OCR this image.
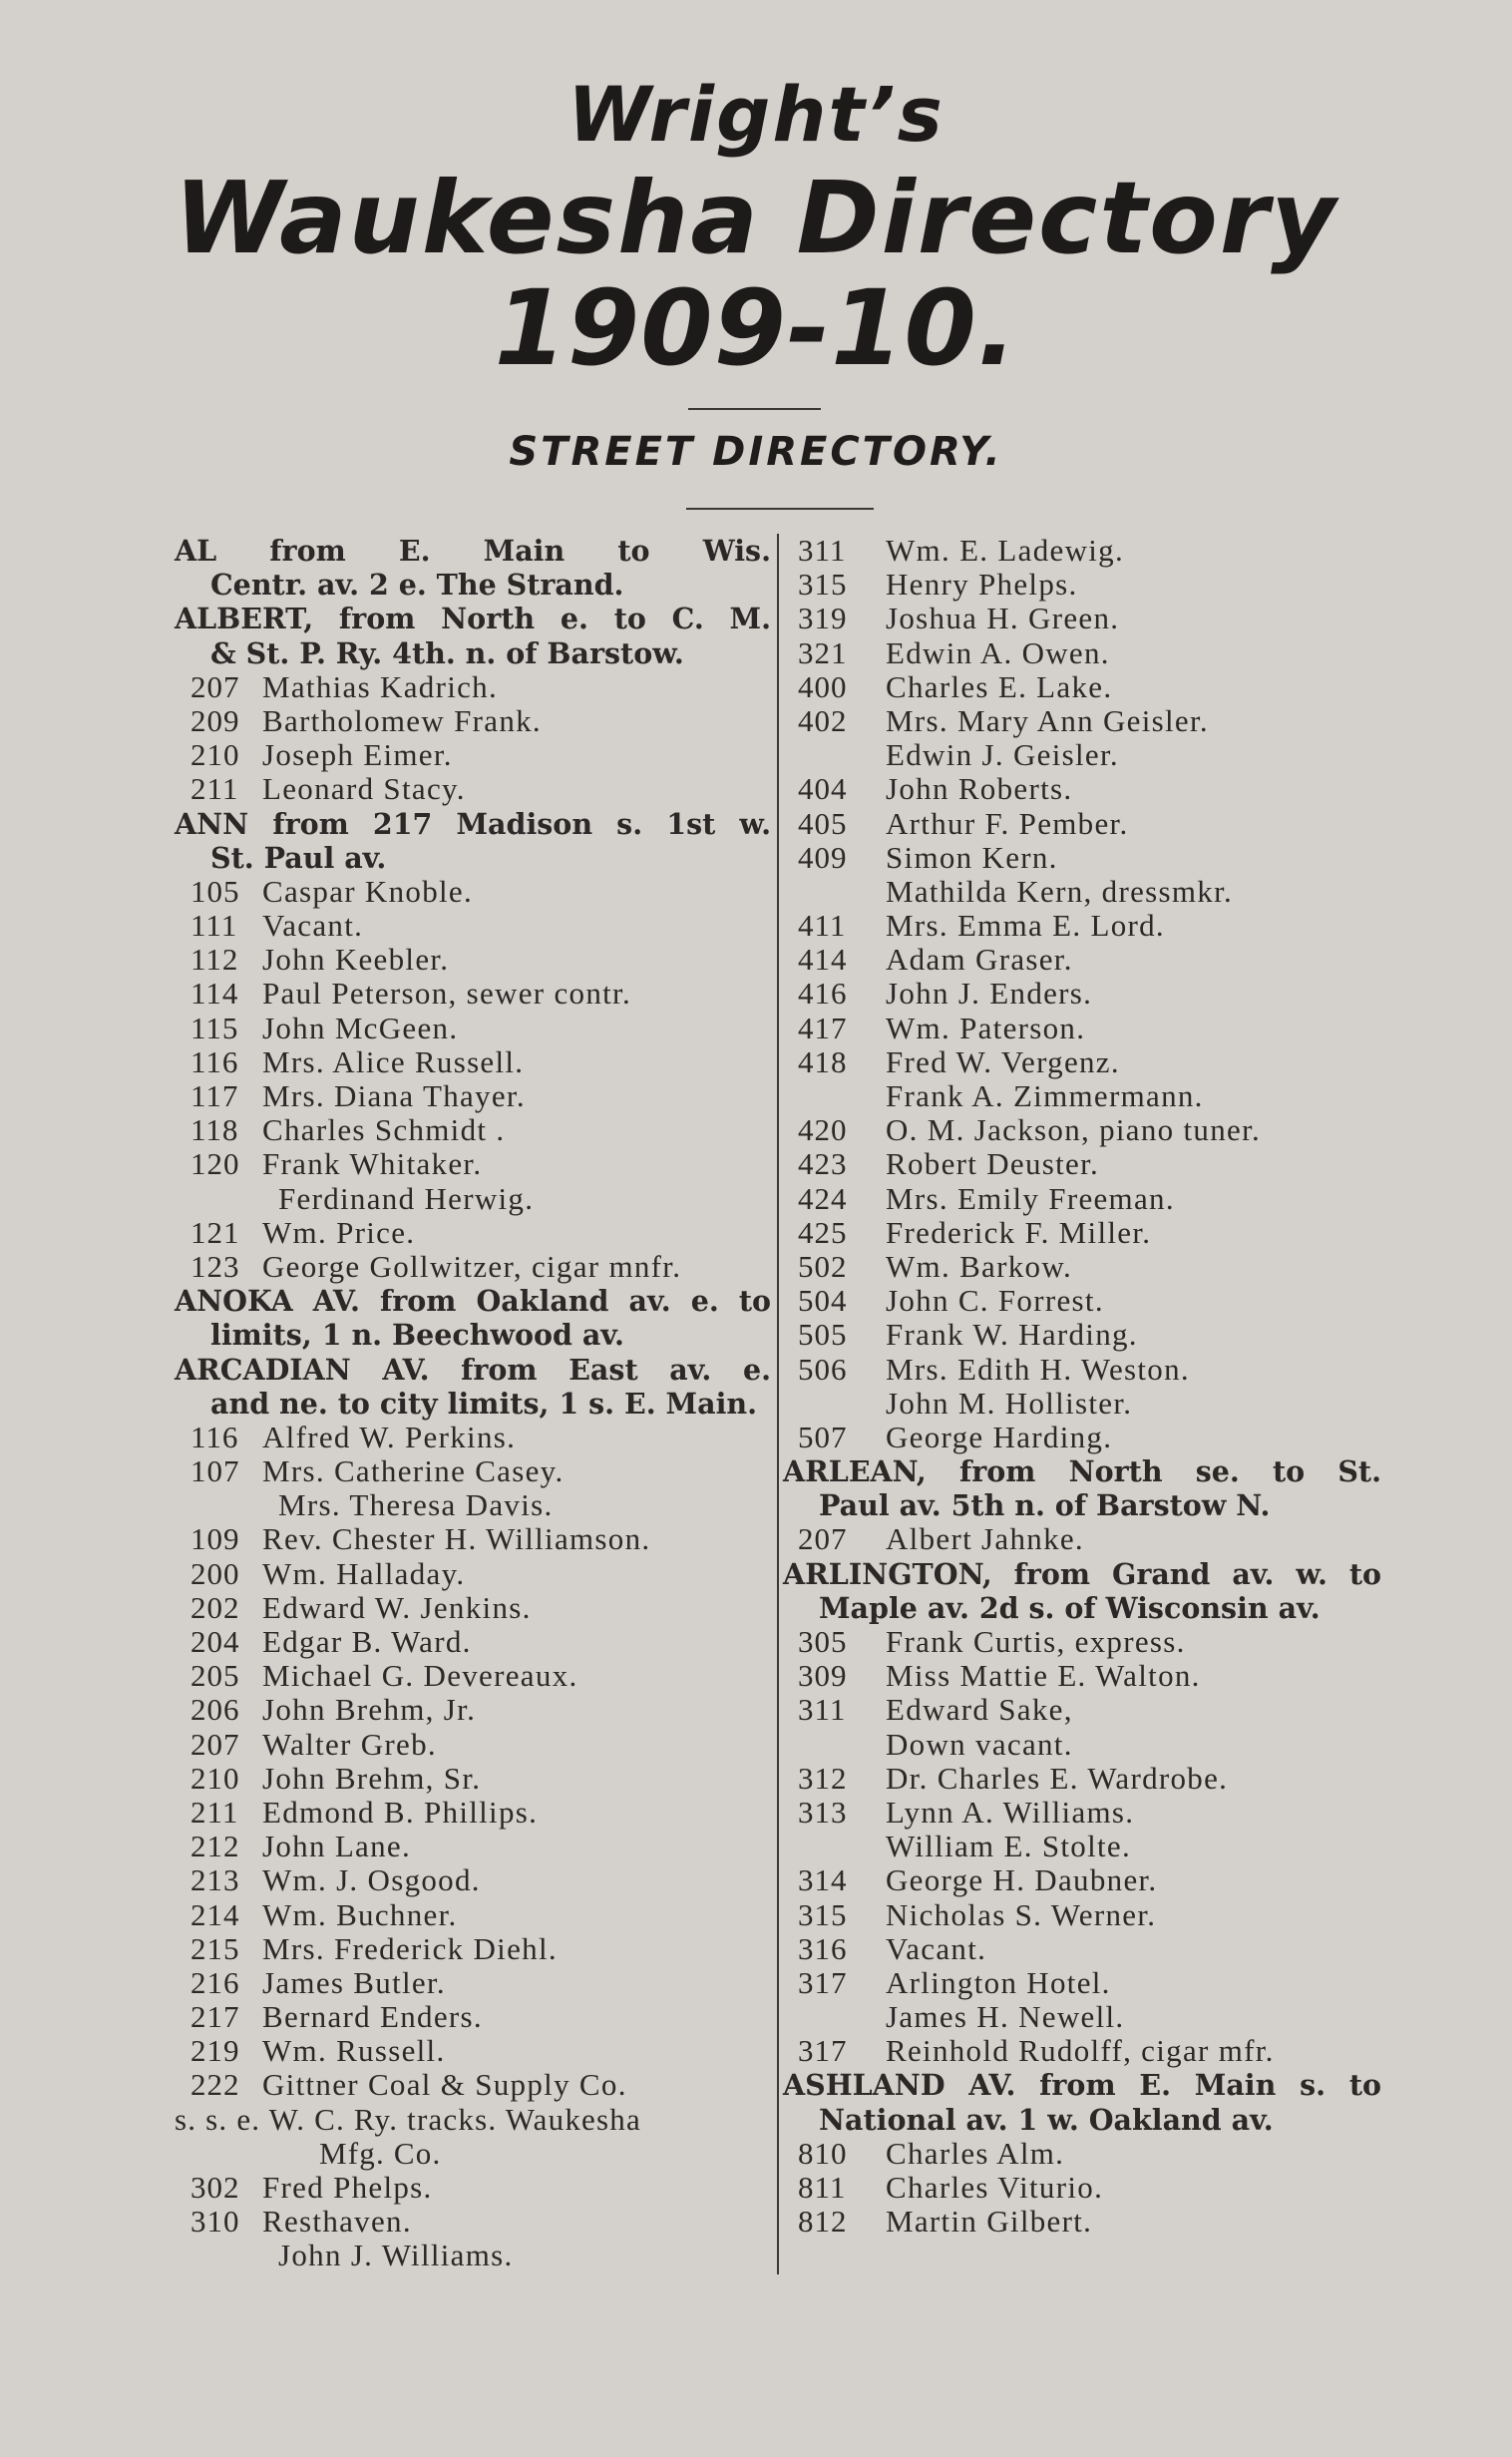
Wright’s
Waukesha Directory
1909-10.
STREET DIRECTORY.
AL from E. Main to Wis.
Centr. av. 2 e. The Strand.
ALBERT, from North e. to C. M.
& St. P. Ry. 4th. n. of Barstow.
207 Mathias Kadrich.
209 Bartholomew Frank.
210 Joseph Eimer.
211 Leonard Stacy.
ANN from 217 Madison s. 1st w.
St. Paul av.
105 Caspar Knoble.
111 Vacant.
112 John Keebler.
114 Paul Peterson, sewer contr.
115 John McGeen.
116 Mrs. Alice Russell.
117 Mrs. Diana Thayer.
118 Charles Schmidt .
120 Frank Whitaker.
Ferdinand Herwig.
121 Wm. Price.
123 George Gollwitzer, cigar mnfr.
ANOKA AV. from Oakland av. e. to
limits, 1 n. Beechwood av.
ARCADIAN AV. from East av. e.
and ne. to city limits, 1 s. E. Main.
116 Alfred W. Perkins.
107 Mrs. Catherine Casey.
Mrs. Theresa Davis.
109 Rev. Chester H. Williamson.
200 Wm. Halladay.
202 Edward W. Jenkins.
204 Edgar B. Ward.
205 Michael G. Devereaux.
206 John Brehm, Jr.
207 Walter Greb.
210 John Brehm, Sr.
211 Edmond B. Phillips.
212 John Lane.
213 Wm. J. Osgood.
214 Wm. Buchner.
215 Mrs. Frederick Diehl.
216 James Butler.
217 Bernard Enders.
219 Wm. Russell.
222 Gittner Coal & Supply Co.
s. s. e. W. C. Ry. tracks. Waukesha
Mfg. Co.
302 Fred Phelps.
310 Resthaven.
John J. Williams.
311 Wm. E. Ladewig.
315 Henry Phelps.
319 Joshua H. Green.
321 Edwin A. Owen.
400 Charles E. Lake.
402 Mrs. Mary Ann Geisler.
Edwin J. Geisler.
404 John Roberts.
405 Arthur F. Pember.
409 Simon Kern.
Mathilda Kern, dressmkr.
411 Mrs. Emma E. Lord.
414 Adam Graser.
416 John J. Enders.
417 Wm. Paterson.
418 Fred W. Vergenz.
Frank A. Zimmermann.
420 O. M. Jackson, piano tuner.
423 Robert Deuster.
424 Mrs. Emily Freeman.
425 Frederick F. Miller.
502 Wm. Barkow.
504 John C. Forrest.
505 Frank W. Harding.
506 Mrs. Edith H. Weston.
John M. Hollister.
507 George Harding.
ARLEAN, from North se. to St.
Paul av. 5th n. of Barstow N.
207 Albert Jahnke.
ARLINGTON, from Grand av. w. to
Maple av. 2d s. of Wisconsin av.
305 Frank Curtis, express.
309 Miss Mattie E. Walton.
311 Edward Sake,
Down vacant.
312 Dr. Charles E. Wardrobe.
313 Lynn A. Williams.
William E. Stolte.
314 George H. Daubner.
315 Nicholas S. Werner.
316 Vacant.
317 Arlington Hotel.
James H. Newell.
317 Reinhold Rudolff, cigar mfr.
ASHLAND AV. from E. Main s. to
National av. 1 w. Oakland av.
810 Charles Alm.
811 Charles Viturio.
812 Martin Gilbert.
